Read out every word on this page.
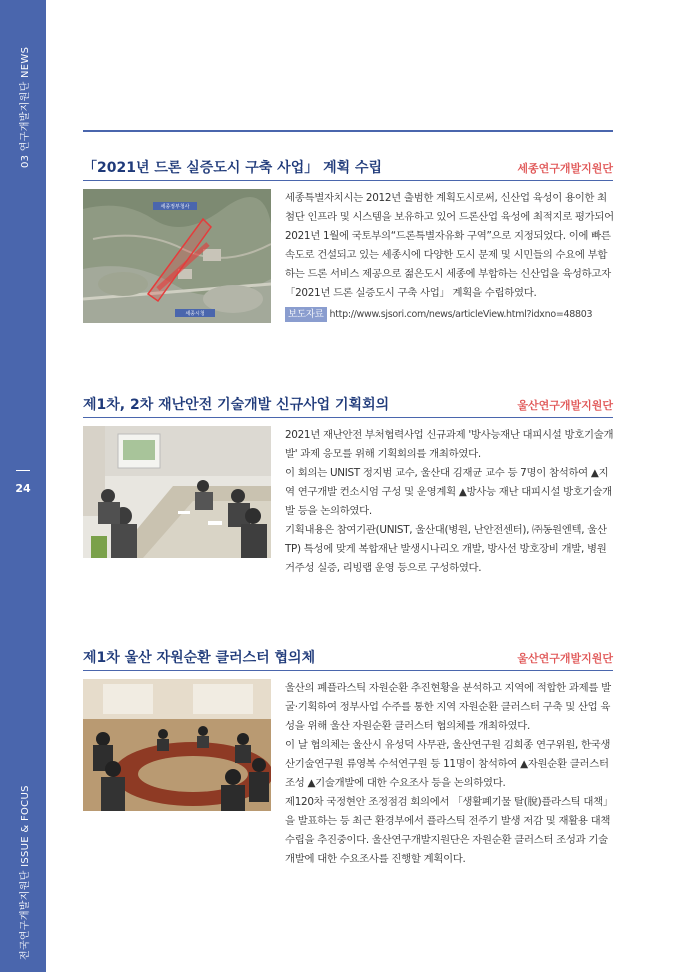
03 연구개발지원단 NEWS
24
전국연구개발지원단 ISSUE & FOCUS
「2021년 드론 실증도시 구축 사업」 계획 수립	세종연구개발지원단
세종정부청사
세종시청

세종특별자치시는 2012년 출범한 계획도시로써, 신산업 육성이 용이한 최첨단 인프라 및 시스템을 보유하고 있어 드론산업 육성에 최적지로 평가되어 2021년 1월에 국토부의“드론특별자유화 구역”으로 지정되었다. 이에 빠른 속도로 건설되고 있는 세종시에 다양한 도시 문제 및 시민들의 수요에 부합하는 드론 서비스 제공으로 젊은도시 세종에 부합하는 신산업을 육성하고자 「2021년 드론 실증도시 구축 사업」 계획을 수립하였다.

보도자료 http://www.sjsori.com/news/articleView.html?idxno=48803
제1차, 2차 재난안전 기술개발 신규사업 기획회의	울산연구개발지원단

2021년 재난안전 부처협력사업 신규과제 '방사능재난 대피시설 방호기술개발' 과제 응모를 위해 기획회의를 개최하였다.

이 회의는 UNIST 정지범 교수, 울산대 김재균 교수 등 7명이 참석하여 ▲지역 연구개발 컨소시엄 구성 및 운영계획 ▲방사능 재난 대피시설 방호기술개발 등을 논의하였다.

기획내용은 참여기관(UNIST, 울산대(병원, 난안전센터), ㈜동원엔텍, 울산TP) 특성에 맞게 복합재난 발생시나리오 개발, 방사선 방호장비 개발, 병원 거주성 실증, 리빙랩 운영 등으로 구성하였다.

제1차 울산 자원순환 클러스터 협의체	울산연구개발지원단

울산의 폐플라스틱 자원순환 추진현황을 분석하고 지역에 적합한 과제를 발굴·기획하여 정부사업 수주를 통한 지역 자원순환 클러스터 구축 및 산업 육성을 위해 울산 자원순환 클러스터 협의체를 개최하였다.

이 날 협의체는 울산시 유성덕 사무관, 울산연구원 김희종 연구위원, 한국생산기술연구원 류영복 수석연구원 등 11명이 참석하여 ▲자원순환 클러스터 조성 ▲기술개발에 대한 수요조사 등을 논의하였다.

제120차 국정현안 조정점검 회의에서 「생활폐기물 탈(脫)플라스틱 대책」을 발표하는 등 최근 환경부에서 플라스틱 전주기 발생 저감 및 재활용 대책수립을 추진중이다. 울산연구개발지원단은 자원순환 클러스터 조성과 기술개발에 대한 수요조사를 진행할 계획이다.
